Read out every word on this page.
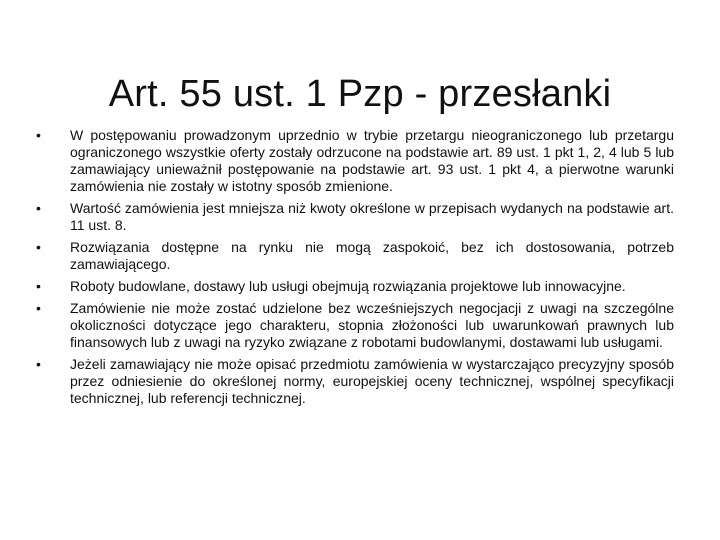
Art. 55 ust. 1 Pzp - przesłanki
•	W postępowaniu prowadzonym uprzednio w trybie przetargu nieograniczonego lub przetargu ograniczonego wszystkie oferty zostały odrzucone na podstawie art. 89 ust. 1 pkt 1, 2, 4 lub 5 lub zamawiający unieważnił postępowanie na podstawie art. 93 ust. 1 pkt 4, a pierwotne warunki zamówienia nie zostały w istotny sposób zmienione.
•	Wartość zamówienia jest mniejsza niż kwoty określone w przepisach wydanych na podstawie art. 11 ust. 8.
•	Rozwiązania dostępne na rynku nie mogą zaspokoić, bez ich dostosowania, potrzeb zamawiającego.
•	Roboty budowlane, dostawy lub usługi obejmują rozwiązania projektowe lub innowacyjne.
•	Zamówienie nie może zostać udzielone bez wcześniejszych negocjacji z uwagi na szczególne okoliczności dotyczące jego charakteru, stopnia złożoności lub uwarunkowań prawnych lub finansowych lub z uwagi na ryzyko związane z robotami budowlanymi, dostawami lub usługami.
•	Jeżeli zamawiający nie może opisać przedmiotu zamówienia w wystarczająco precyzyjny sposób przez odniesienie do określonej normy, europejskiej oceny technicznej, wspólnej specyfikacji technicznej, lub referencji technicznej.
